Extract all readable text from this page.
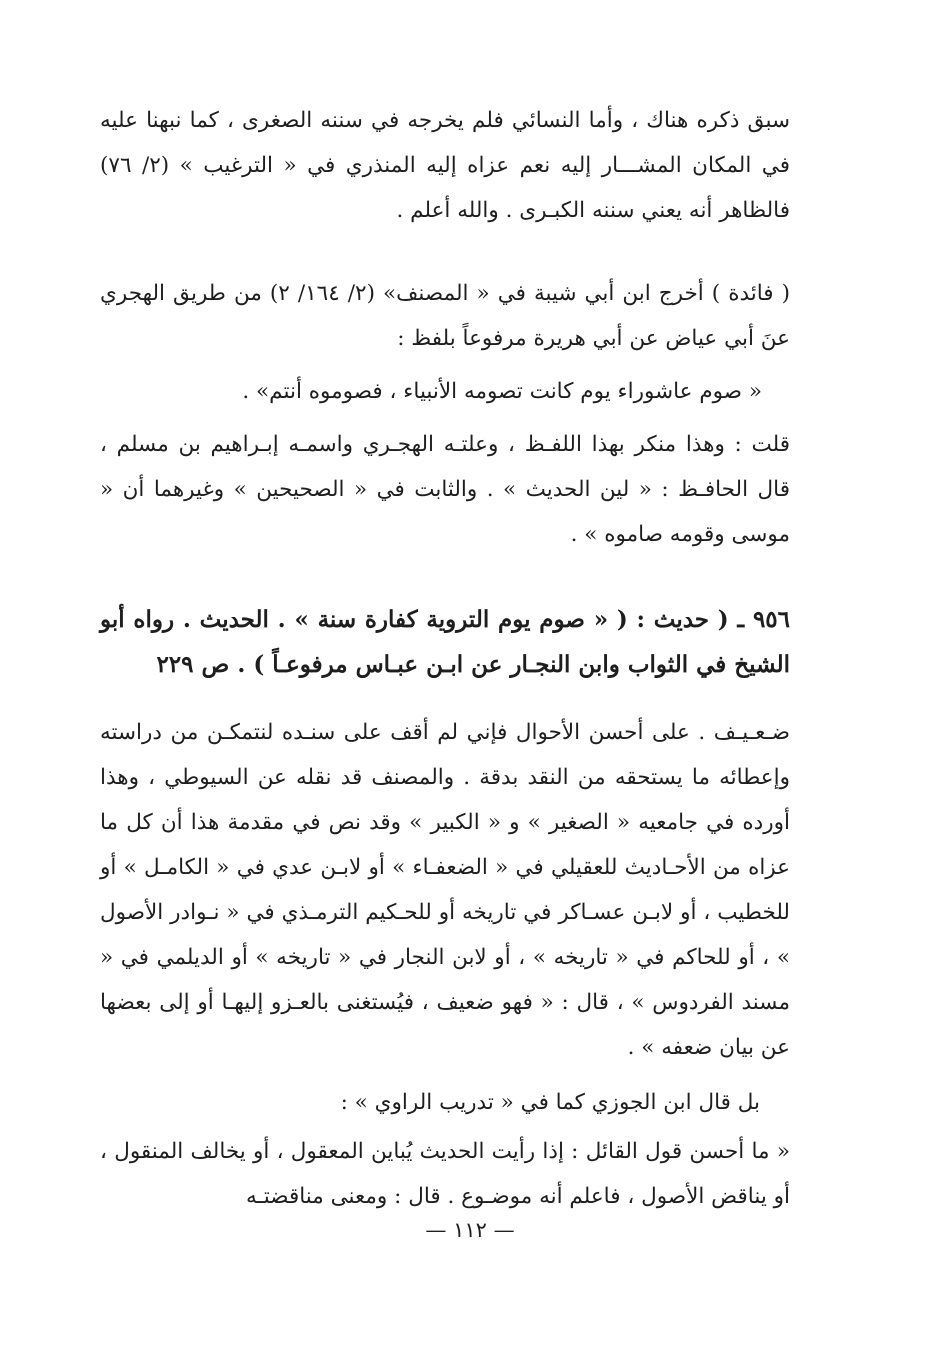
سبق ذكره هناك ، وأما النسائي فلم يخرجه في سننه الصغرى ، كما نبهنا عليه في المكان المشـــار إليه نعم عزاه إليه المنذري في « الترغيب » (٢/ ٧٦) فالظاهر أنه يعني سننه الكبـرى . والله أعلم .

( فائدة ) أخرج ابن أبي شيبة في « المصنف» (٢/ ١٦٤/ ٢) من طريق الهجري عنَ أبي عياض عن أبي هريرة مرفوعاً بلفظ :

« صوم عاشوراء يوم كانت تصومه الأنبياء ، فصوموه أنتم» .

قلت : وهذا منكر بهذا اللفـظ ، وعلتـه الهجـري واسمـه إبـراهيم بن مسلم ، قال الحافـظ : « لين الحديث » . والثابت في « الصحيحين » وغيرهما أن « موسى وقومه صاموه » .

٩٥٦ ـ ( حديث : ( « صوم يوم التروية كفارة سنة » . الحديث . رواه أبو الشيخ في الثواب وابن النجـار عن ابـن عبـاس مرفوعـاً ) . ص ٢٢٩

ضـعـيـف . على أحسن الأحوال فإني لم أقف على سنـده لنتمكـن من دراسته وإعطائه ما يستحقه من النقد بدقة . والمصنف قد نقله عن السيوطي ، وهذا أورده في جامعيه « الصغير » و « الكبير » وقد نص في مقدمة هذا أن كل ما عزاه من الأحـاديث للعقيلي في « الضعفـاء » أو لابـن عدي في « الكامـل » أو للخطيب ، أو لابـن عسـاكر في تاريخه أو للحـكيم الترمـذي في « نـوادر الأصول » ، أو للحاكم في « تاريخه » ، أو لابن النجار في « تاريخه » أو الديلمي في « مسند الفردوس » ، قال : « فهو ضعيف ، فيُستغنى بالعـزو إليهـا أو إلى بعضها عن بيان ضعفه » .

بل قال ابن الجوزي كما في « تدريب الراوي » :

« ما أحسن قول القائل : إذا رأيت الحديث يُباين المعقول ، أو يخالف المنقول ، أو يناقض الأصول ، فاعلم أنه موضـوع . قال : ومعنى مناقضتـه

— ١١٢ —
